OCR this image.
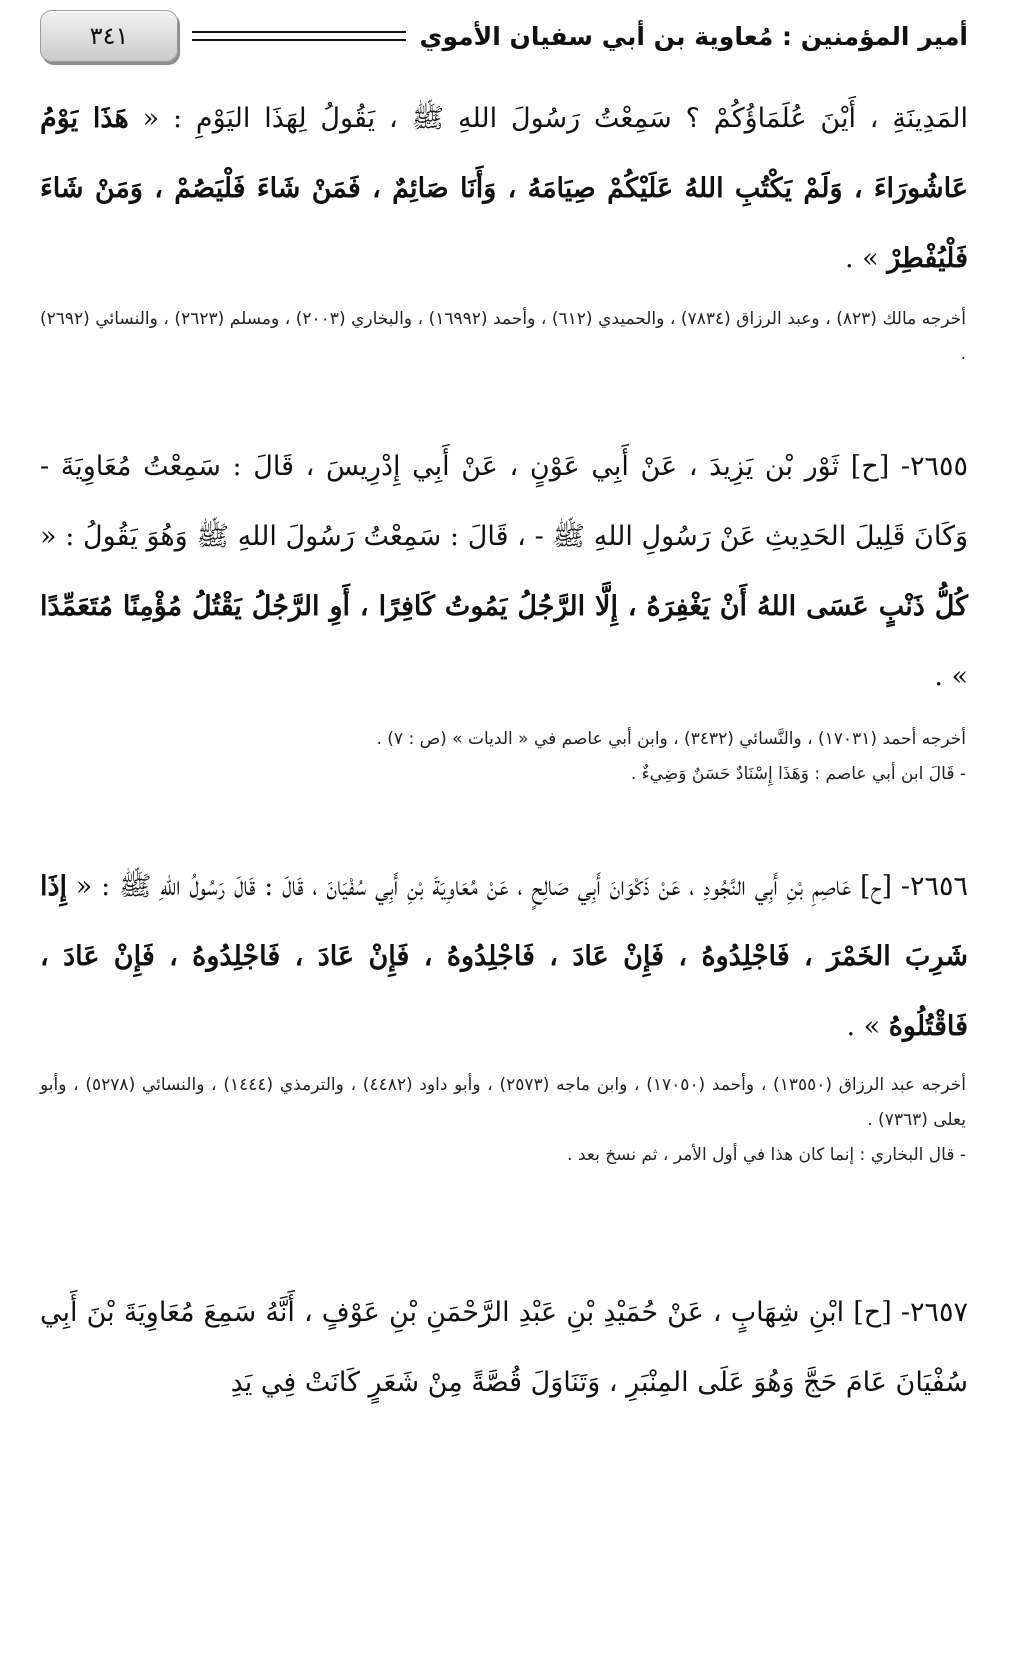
أمير المؤمنين : مُعاوية بن أبي سفيان الأموي
٣٤١
المَدِينَةِ ، أَيْنَ عُلَمَاؤُكُمْ ؟ سَمِعْتُ رَسُولَ اللهِ ﷺ ، يَقُولُ لِهَذَا اليَوْمِ : « هَذَا يَوْمُ عَاشُورَاءَ ، وَلَمْ يَكْتُبِ اللهُ عَلَيْكُمْ صِيَامَهُ ، وَأَنَا صَائِمٌ ، فَمَنْ شَاءَ فَلْيَصُمْ ، وَمَنْ شَاءَ فَلْيُفْطِرْ » .
أخرجه مالك (٨٢٣) ، وعبد الرزاق (٧٨٣٤) ، والحميدي (٦١٢) ، وأحمد (١٦٩٩٢) ، والبخاري (٢٠٠٣) ، ومسلم (٢٦٢٣) ، والنسائي (٢٦٩٢) .
٢٦٥٥- [ح] ثَوْر بْن يَزِيدَ ، عَنْ أَبِي عَوْنٍ ، عَنْ أَبِي إِدْرِيسَ ، قَالَ : سَمِعْتُ مُعَاوِيَةَ - وَكَانَ قَلِيلَ الحَدِيثِ عَنْ رَسُولِ اللهِ ﷺ - ، قَالَ : سَمِعْتُ رَسُولَ اللهِ ﷺ وَهُوَ يَقُولُ : « كُلُّ ذَنْبٍ عَسَى اللهُ أَنْ يَغْفِرَهُ ، إِلَّا الرَّجُلُ يَمُوتُ كَافِرًا ، أَوِ الرَّجُلُ يَقْتُلُ مُؤْمِنًا مُتَعَمِّدًا » .
أخرجه أحمد (١٧٠٣١) ، والنَّسائي (٣٤٣٢) ، وابن أبي عاصم في « الديات » (ص : ٧) .
- قَالَ ابن أبي عاصم : وَهَذَا إِسْنَادٌ حَسَنٌ وَضِيءٌ .
٢٦٥٦- [ح] عَاصِمِ بْنِ أَبِي النَّجُودِ ، عَنْ ذَكْوَانَ أَبِي صَالِحٍ ، عَنْ مُعَاوِيَةَ بْنِ أَبِي سُفْيَانَ ، قَالَ : قَالَ رَسُولُ اللهِ ﷺ : « إِذَا شَرِبَ الخَمْرَ ، فَاجْلِدُوهُ ، فَإِنْ عَادَ ، فَاجْلِدُوهُ ، فَإِنْ عَادَ ، فَاجْلِدُوهُ ، فَإِنْ عَادَ ، فَاقْتُلُوهُ » .
أخرجه عبد الرزاق (١٣٥٥٠) ، وأحمد (١٧٠٥٠) ، وابن ماجه (٢٥٧٣) ، وأبو داود (٤٤٨٢) ، والترمذي (١٤٤٤) ، والنسائي (٥٢٧٨) ، وأبو يعلى (٧٣٦٣) .
- قال البخاري : إنما كان هذا في أول الأمر ، ثم نسخ بعد .
٢٦٥٧- [ح] ابْنِ شِهَابٍ ، عَنْ حُمَيْدِ بْنِ عَبْدِ الرَّحْمَنِ بْنِ عَوْفٍ ، أَنَّهُ سَمِعَ مُعَاوِيَةَ بْنَ أَبِي سُفْيَانَ عَامَ حَجَّ وَهُوَ عَلَى المِنْبَرِ ، وَتَنَاوَلَ قُصَّةً مِنْ شَعَرٍ كَانَتْ فِي يَدِ
